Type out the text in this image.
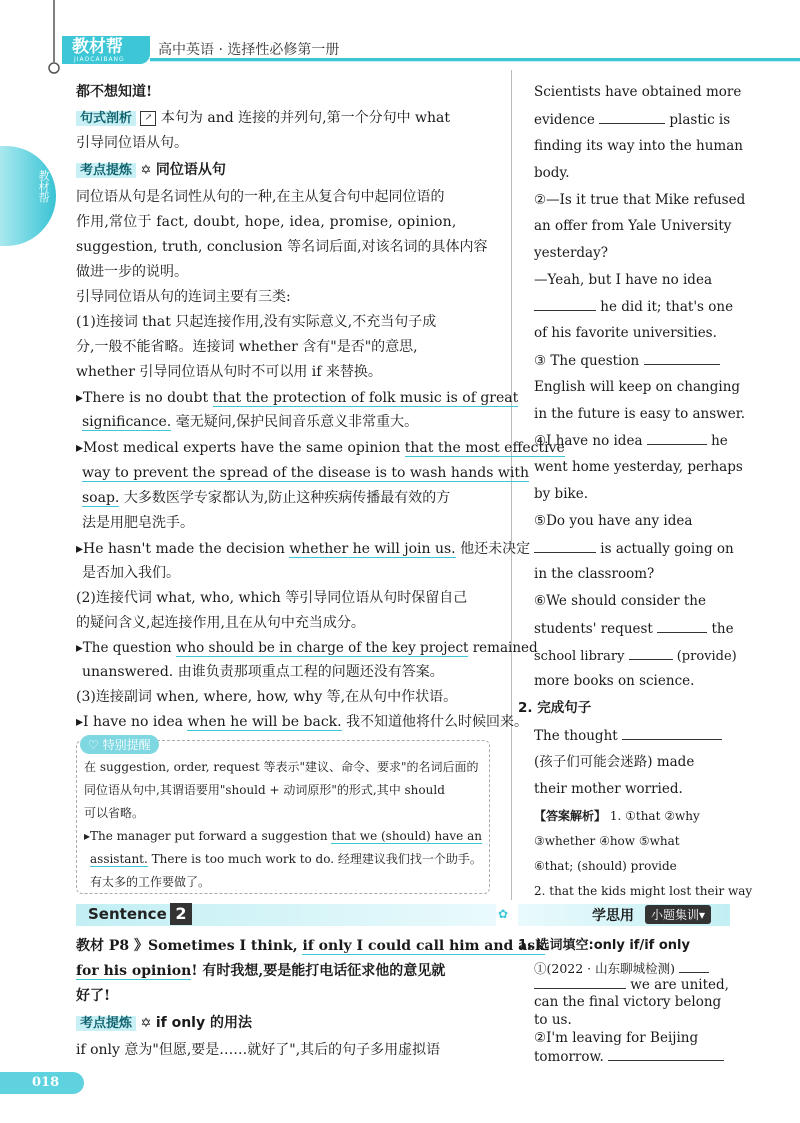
教材帮
JIAOCAIBANG
高中英语 · 选择性必修第一册
教材帮
都不想知道!
句式剖析 ↗ 本句为 and 连接的并列句,第一个分句中 what
引导同位语从句。
考点提炼 ✡ 同位语从句
同位语从句是名词性从句的一种,在主从复合句中起同位语的
作用,常位于 fact, doubt, hope, idea, promise, opinion,
suggestion, truth, conclusion 等名词后面,对该名词的具体内容
做进一步的说明。
引导同位语从句的连词主要有三类:
(1)连接词 that 只起连接作用,没有实际意义,不充当句子成
分,一般不能省略。连接词 whether 含有"是否"的意思,
whether 引导同位语从句时不可以用 if 来替换。
▸There is no doubt that the protection of folk music is of great
significance. 毫无疑问,保护民间音乐意义非常重大。
▸Most medical experts have the same opinion that the most effective
way to prevent the spread of the disease is to wash hands with
soap. 大多数医学专家都认为,防止这种疾病传播最有效的方
法是用肥皂洗手。
▸He hasn't made the decision whether he will join us. 他还未决定
是否加入我们。
(2)连接代词 what, who, which 等引导同位语从句时保留自己
的疑问含义,起连接作用,且在从句中充当成分。
▸The question who should be in charge of the key project remained
unanswered. 由谁负责那项重点工程的问题还没有答案。
(3)连接副词 when, where, how, why 等,在从句中作状语。
▸I have no idea when he will be back. 我不知道他将什么时候回来。
♡ 特别提醒
在 suggestion, order, request 等表示"建议、命令、要求"的名词后面的
同位语从句中,其谓语要用"should + 动词原形"的形式,其中 should
可以省略。
▸The manager put forward a suggestion that we (should) have an
assistant. There is too much work to do. 经理建议我们找一个助手。
有太多的工作要做了。
Sentence 2	✿
教材 P8 》Sometimes I think, if only I could call him and ask
for his opinion! 有时我想,要是能打电话征求他的意见就
好了!
考点提炼 ✡ if only 的用法
if only 意为"但愿,要是……就好了",其后的句子多用虚拟语
018
Scientists have obtained more
evidence	plastic is
finding its way into the human
body.
②—Is it true that Mike refused
an offer from Yale University
yesterday?
—Yeah, but I have no idea
he did it; that's one
of his favorite universities.
③ The question
English will keep on changing
in the future is easy to answer.
④I have no idea	he
went home yesterday, perhaps
by bike.
⑤Do you have any idea
is actually going on
in the classroom?
⑥We should consider the
students' request	the
school library	(provide)
more books on science.
2. 完成句子
The thought
(孩子们可能会迷路) made
their mother worried.
【答案解析】 1. ①that ②why
③whether ④how ⑤what
⑥that; (should) provide
2. that the kids might lost their way
学思用	小题集训▾
1. 选词填空:only if/if only
①(2022 · 山东聊城检测)
we are united,
can the final victory belong
to us.
②I'm leaving for Beijing
tomorrow.
